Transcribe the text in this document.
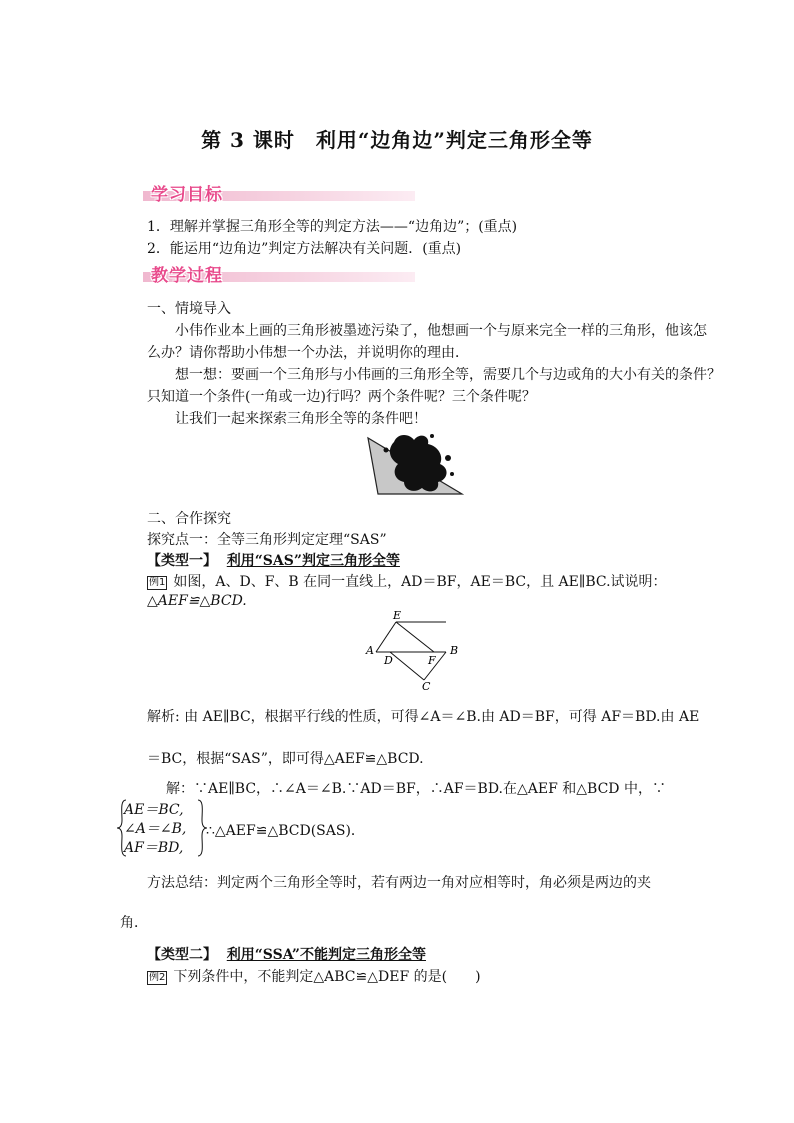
第 3 课时　利用“边角边”判定三角形全等
学习目标
1．理解并掌握三角形全等的判定方法——“边角边”；(重点)
2．能运用“边角边”判定方法解决有关问题．(重点)
教学过程
一、情境导入
小伟作业本上画的三角形被墨迹污染了，他想画一个与原来完全一样的三角形，他该怎
么办？请你帮助小伟想一个办法，并说明你的理由．
想一想：要画一个三角形与小伟画的三角形全等，需要几个与边或角的大小有关的条件？
只知道一个条件(一角或一边)行吗？两个条件呢？三个条件呢？
让我们一起来探索三角形全等的条件吧！
二、合作探究
探究点一：全等三角形判定定理“SAS”
【类型一】 利用“SAS”判定三角形全等
例1 如图，A、D、F、B 在同一直线上，AD＝BF，AE＝BC，且 AE∥BC.试说明：
△AEF≌△BCD.
E
A
D	F
B
C
解析: 由 AE∥BC，根据平行线的性质，可得∠A＝∠B.由 AD＝BF，可得 AF＝BD.由 AE
＝BC，根据“SAS”，即可得△AEF≌△BCD.
解：∵AE∥BC，∴∠A＝∠B.∵AD＝BF，∴AF＝BD.在△AEF 和△BCD 中，∵
AE＝BC,
∠A＝∠B,
AF＝BD,
∴△AEF≌△BCD(SAS)．
方法总结：判定两个三角形全等时，若有两边一角对应相等时，角必须是两边的夹
角．
【类型二】 利用“SSA”不能判定三角形全等
例2 下列条件中，不能判定△ABC≌△DEF 的是(　　)
